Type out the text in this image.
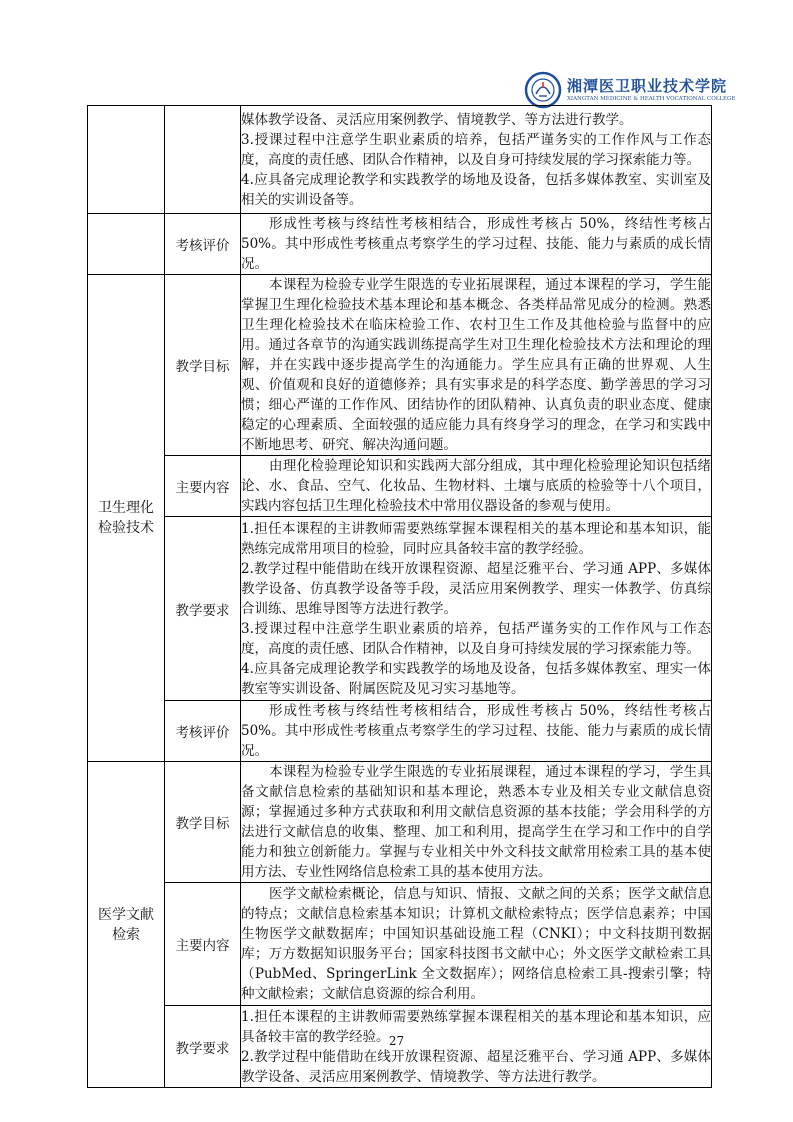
湘潭医卫职业技术学院
XIANGTAN MEDICINE & HEALTH VOCATIONAL COLLEGE

		媒体教学设备、灵活应用案例教学、情境教学、等方法进行教学。
3.授课过程中注意学生职业素质的培养，包括严谨务实的工作作风与工作态度，高度的责任感、团队合作精神，以及自身可持续发展的学习探索能力等。
4.应具备完成理论教学和实践教学的场地及设备，包括多媒体教室、实训室及相关的实训设备等。

	考核评价	形成性考核与终结性考核相结合，形成性考核占 50%，终结性考核占 50%。其中形成性考核重点考察学生的学习过程、技能、能力与素质的成长情况。

卫生理化
检验技术	教学目标	本课程为检验专业学生限选的专业拓展课程，通过本课程的学习，学生能掌握卫生理化检验技术基本理论和基本概念、各类样品常见成分的检测。熟悉卫生理化检验技术在临床检验工作、农村卫生工作及其他检验与监督中的应用。通过各章节的沟通实践训练提高学生对卫生理化检验技术方法和理论的理解，并在实践中逐步提高学生的沟通能力。学生应具有正确的世界观、人生观、价值观和良好的道德修养；具有实事求是的科学态度、勤学善思的学习习惯；细心严谨的工作作风、团结协作的团队精神、认真负责的职业态度、健康稳定的心理素质、全面较强的适应能力具有终身学习的理念，在学习和实践中不断地思考、研究、解决沟通问题。

	主要内容	由理化检验理论知识和实践两大部分组成，其中理化检验理论知识包括绪论、水、食品、空气、化妆品、生物材料、土壤与底质的检验等十八个项目，实践内容包括卫生理化检验技术中常用仪器设备的参观与使用。

	教学要求	1.担任本课程的主讲教师需要熟练掌握本课程相关的基本理论和基本知识，能熟练完成常用项目的检验，同时应具备较丰富的教学经验。
2.教学过程中能借助在线开放课程资源、超星泛雅平台、学习通 APP、多媒体教学设备、仿真教学设备等手段，灵活应用案例教学、理实一体教学、仿真综合训练、思维导图等方法进行教学。
3.授课过程中注意学生职业素质的培养，包括严谨务实的工作作风与工作态度，高度的责任感、团队合作精神，以及自身可持续发展的学习探索能力等。
4.应具备完成理论教学和实践教学的场地及设备，包括多媒体教室、理实一体教室等实训设备、附属医院及见习实习基地等。

	考核评价	形成性考核与终结性考核相结合，形成性考核占 50%，终结性考核占 50%。其中形成性考核重点考察学生的学习过程、技能、能力与素质的成长情况。

医学文献
检索	教学目标	本课程为检验专业学生限选的专业拓展课程，通过本课程的学习，学生具备文献信息检索的基础知识和基本理论，熟悉本专业及相关专业文献信息资源；掌握通过多种方式获取和利用文献信息资源的基本技能；学会用科学的方法进行文献信息的收集、整理、加工和利用，提高学生在学习和工作中的自学能力和独立创新能力。掌握与专业相关中外文科技文献常用检索工具的基本使用方法、专业性网络信息检索工具的基本使用方法。

	主要内容	医学文献检索概论，信息与知识、情报、文献之间的关系；医学文献信息的特点；文献信息检索基本知识；计算机文献检索特点；医学信息素养；中国生物医学文献数据库；中国知识基础设施工程（CNKI）；中文科技期刊数据库；万方数据知识服务平台；国家科技图书文献中心；外文医学文献检索工具（PubMed、SpringerLink 全文数据库）；网络信息检索工具-搜索引擎；特种文献检索；文献信息资源的综合利用。

	教学要求	1.担任本课程的主讲教师需要熟练掌握本课程相关的基本理论和基本知识，应具备较丰富的教学经验。
2.教学过程中能借助在线开放课程资源、超星泛雅平台、学习通 APP、多媒体教学设备、灵活应用案例教学、情境教学、等方法进行教学。
27
